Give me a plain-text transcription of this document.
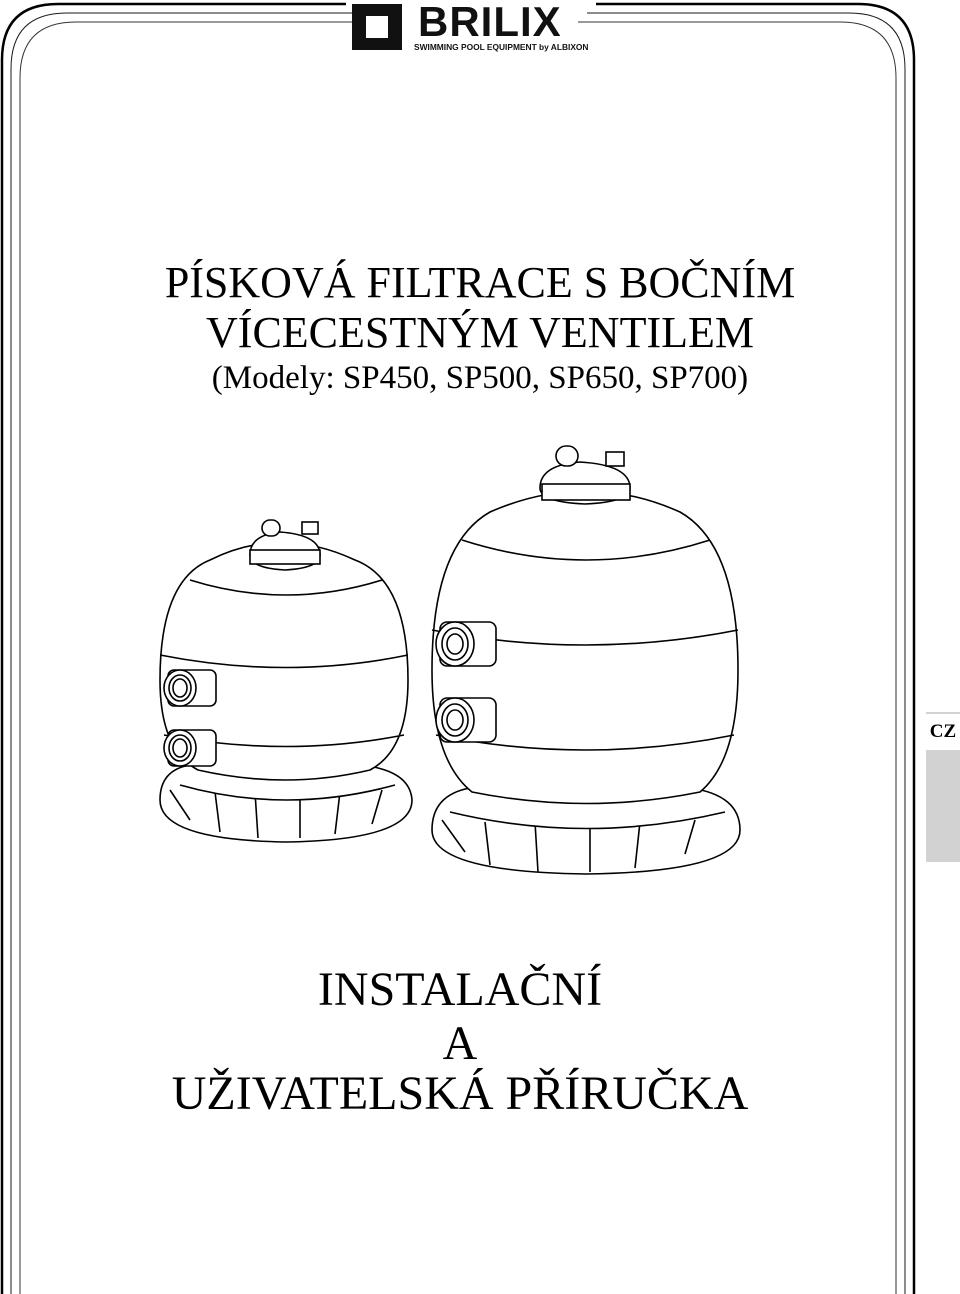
BRILIX
SWIMMING POOL EQUIPMENT by ALBIXON
PÍSKOVÁ FILTRACE S BOČNÍM
VÍCECESTNÝM VENTILEM
(Modely: SP450, SP500, SP650, SP700)
CZ
INSTALAČNÍ
A
UŽIVATELSKÁ PŘÍRUČKA
